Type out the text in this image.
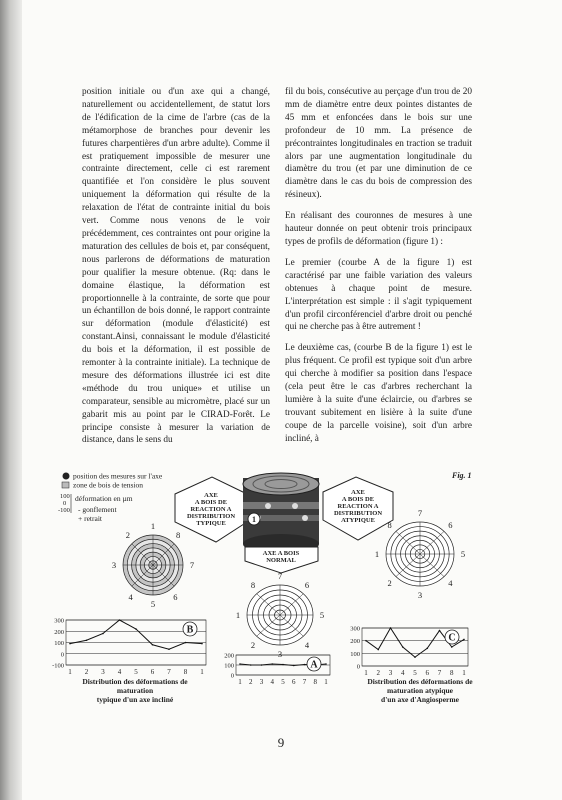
position initiale ou d'un axe qui a changé, naturellement ou accidentellement, de statut lors de l'édification de la cime de l'arbre (cas de la métamorphose de branches pour devenir les futures charpentières d'un arbre adulte). Comme il est pratiquement impossible de mesurer une contrainte directement, celle ci est rarement quantifiée et l'on considère le plus souvent uniquement la déformation qui résulte de la relaxation de l'état de contrainte initial du bois vert. Comme nous venons de le voir précédemment, ces contraintes ont pour origine la maturation des cellules de bois et, par conséquent, nous parlerons de déformations de maturation pour qualifier la mesure obtenue. (Rq: dans le domaine élastique, la déformation est proportionnelle à la contrainte, de sorte que pour un échantillon de bois donné, le rapport contrainte sur déformation (module d'élasticité) est constant.Ainsi, connaissant le module d'élasticité du bois et la déformation, il est possible de remonter à la contrainte initiale). La technique de mesure des déformations illustrée ici est dite «méthode du trou unique» et utilise un comparateur, sensible au micromètre, placé sur un gabarit mis au point par le CIRAD-Forêt. Le principe consiste à mesurer la variation de distance, dans le sens du

fil du bois, consécutive au perçage d'un trou de 20 mm de diamètre entre deux pointes distantes de 45 mm et enfoncées dans le bois sur une profondeur de 10 mm. La présence de précontraintes longitudinales en traction se traduit alors par une augmentation longitudinale du diamètre du trou (et par une diminution de ce diamètre dans le cas du bois de compression des résineux).

En réalisant des couronnes de mesures à une hauteur donnée on peut obtenir trois principaux types de profils de déformation (figure 1) :

Le premier (courbe A de la figure 1) est caractérisé par une faible variation des valeurs obtenues à chaque point de mesure. L'interprétation est simple : il s'agit typiquement d'un profil circonférenciel d'arbre droit ou penché qui ne cherche pas à être autrement !

Le deuxième cas, (courbe B de la figure 1) est le plus fréquent. Ce profil est typique soit d'un arbre qui cherche à modifier sa position dans l'espace (cela peut être le cas d'arbres recherchant la lumière à la suite d'une éclaircie, ou d'arbres se trouvant subitement en lisière à la suite d'une coupe de la parcelle voisine), soit d'un arbre incliné, à

position des mesures sur l'axe
zone de bois de tension
100
0
-100
déformation en µm
- gonflement
+ retrait
Fig. 1
AXE
A BOIS DE
REACTION A
DISTRIBUTION
TYPIQUE
AXE
A BOIS DE
REACTION A
DISTRIBUTION
ATYPIQUE
1
AXE A BOIS
NORMAL
1
2
3
4
5
6
7
8
1
8
7
6
5
4
3
2
7
6
5
4
3
2
1
8
300
200
100
0
-100
1 2 3 4 5 6 7 8 1
B
200
100
0
1 2 3 4 5 6 7 8 1
A
300
200
100
0
1 2 3 4 5 6 7 8 1
C
Distribution des déformations de
maturation
typique d'un axe incliné
Distribution des déformations de
maturation atypique
d'un axe d'Angiosperme
9
